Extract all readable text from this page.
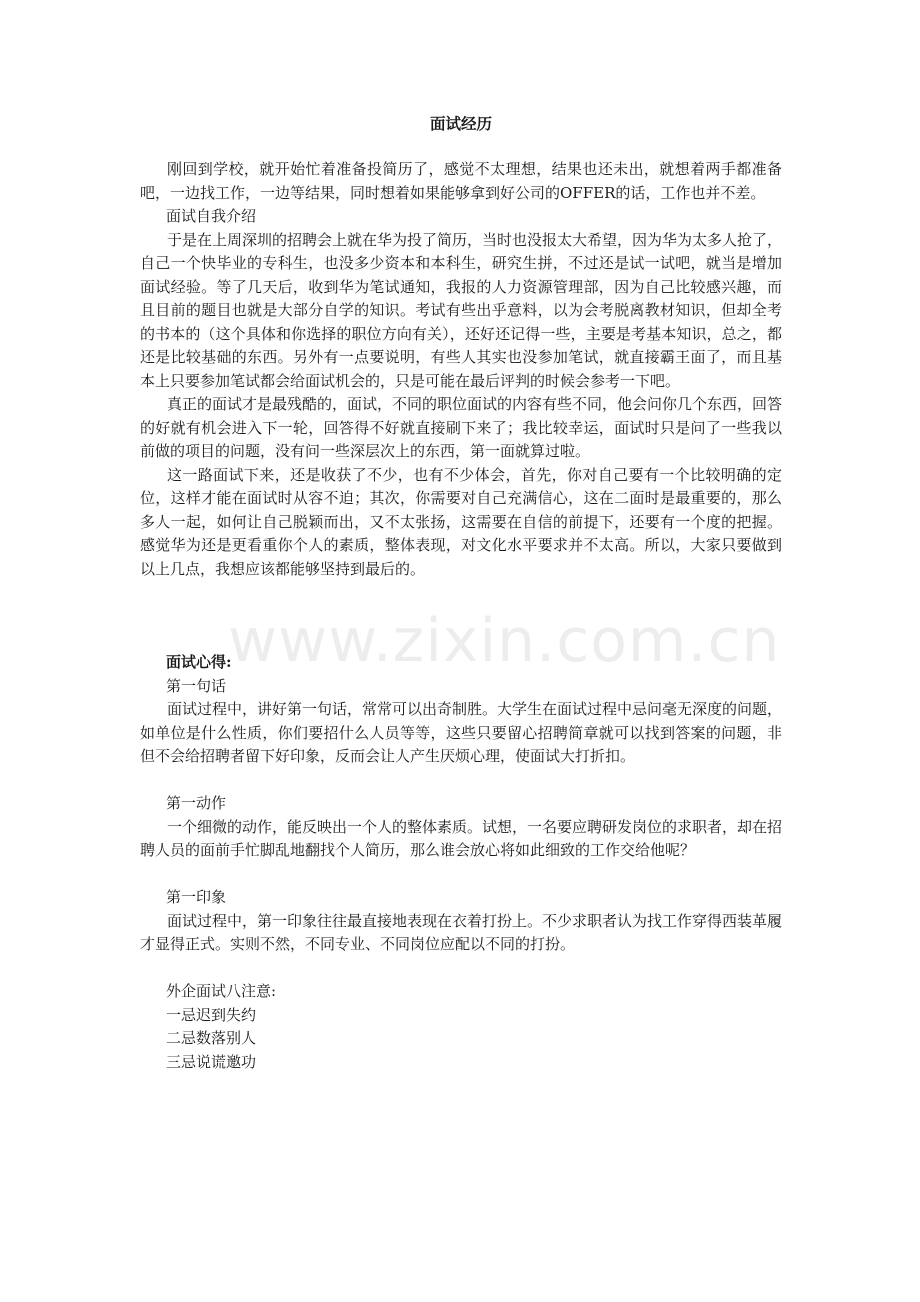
www.zixin.com.cn
面试经历

刚回到学校，就开始忙着准备投简历了，感觉不太理想，结果也还未出，就想着两手都准备吧，一边找工作，一边等结果，同时想着如果能够拿到好公司的OFFER的话，工作也并不差。

面试自我介绍

于是在上周深圳的招聘会上就在华为投了简历，当时也没报太大希望，因为华为太多人抢了，自己一个快毕业的专科生，也没多少资本和本科生，研究生拼，不过还是试一试吧，就当是增加面试经验。等了几天后，收到华为笔试通知，我报的人力资源管理部，因为自己比较感兴趣，而且目前的题目也就是大部分自学的知识。考试有些出乎意料，以为会考脱离教材知识，但却全考的书本的（这个具体和你选择的职位方向有关），还好还记得一些，主要是考基本知识，总之，都还是比较基础的东西。另外有一点要说明，有些人其实也没参加笔试，就直接霸王面了，而且基本上只要参加笔试都会给面试机会的，只是可能在最后评判的时候会参考一下吧。

真正的面试才是最残酷的，面试，不同的职位面试的内容有些不同，他会问你几个东西，回答的好就有机会进入下一轮，回答得不好就直接刷下来了；我比较幸运，面试时只是问了一些我以前做的项目的问题，没有问一些深层次上的东西，第一面就算过啦。

这一路面试下来，还是收获了不少，也有不少体会，首先，你对自己要有一个比较明确的定位，这样才能在面试时从容不迫；其次，你需要对自己充满信心，这在二面时是最重要的，那么多人一起，如何让自己脱颖而出，又不太张扬，这需要在自信的前提下，还要有一个度的把握。感觉华为还是更看重你个人的素质，整体表现，对文化水平要求并不太高。所以，大家只要做到以上几点，我想应该都能够坚持到最后的。

面试心得:

第一句话

面试过程中，讲好第一句话，常常可以出奇制胜。大学生在面试过程中忌问毫无深度的问题，如单位是什么性质，你们要招什么人员等等，这些只要留心招聘简章就可以找到答案的问题，非但不会给招聘者留下好印象，反而会让人产生厌烦心理，使面试大打折扣。

第一动作

一个细微的动作，能反映出一个人的整体素质。试想，一名要应聘研发岗位的求职者，却在招聘人员的面前手忙脚乱地翻找个人简历，那么谁会放心将如此细致的工作交给他呢？

第一印象

面试过程中，第一印象往往最直接地表现在衣着打扮上。不少求职者认为找工作穿得西装革履才显得正式。实则不然，不同专业、不同岗位应配以不同的打扮。

外企面试八注意:

一忌迟到失约
二忌数落别人
三忌说谎邀功
